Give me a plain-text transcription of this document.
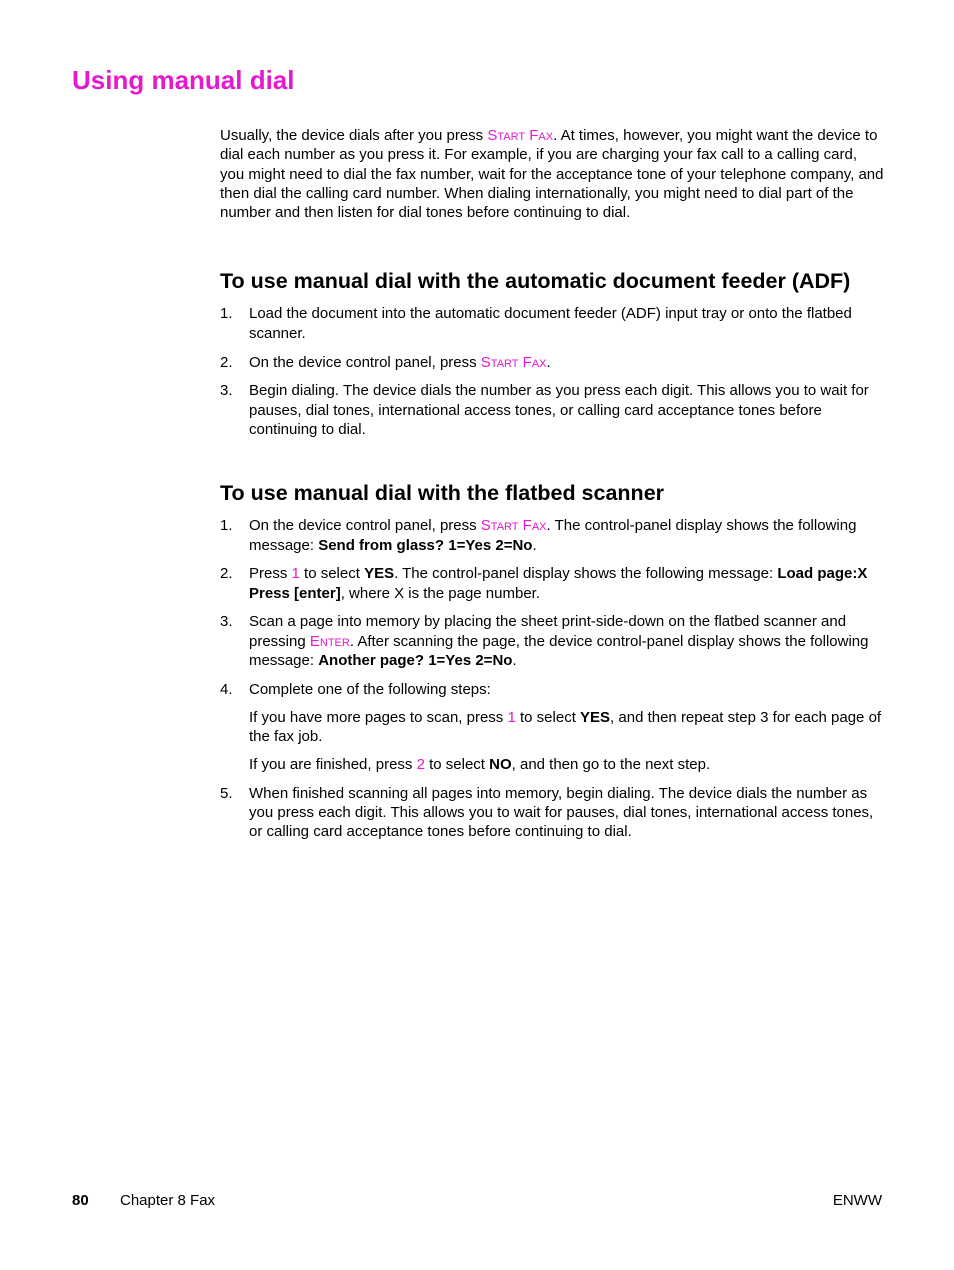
Using manual dial

Usually, the device dials after you press Start Fax. At times, however, you might want the device to dial each number as you press it. For example, if you are charging your fax call to a calling card, you might need to dial the fax number, wait for the acceptance tone of your telephone company, and then dial the calling card number. When dialing internationally, you might need to dial part of the number and then listen for dial tones before continuing to dial.

To use manual dial with the automatic document feeder (ADF)
1. Load the document into the automatic document feeder (ADF) input tray or onto the flatbed scanner.
2. On the device control panel, press Start Fax.
3. Begin dialing. The device dials the number as you press each digit. This allows you to wait for pauses, dial tones, international access tones, or calling card acceptance tones before continuing to dial.
To use manual dial with the flatbed scanner
1. On the device control panel, press Start Fax. The control-panel display shows the following message: Send from glass? 1=Yes 2=No.
2. Press 1 to select YES. The control-panel display shows the following message: Load page:X Press [enter], where X is the page number.
3. Scan a page into memory by placing the sheet print-side-down on the flatbed scanner and pressing Enter. After scanning the page, the device control-panel display shows the following message: Another page? 1=Yes 2=No.
4. Complete one of the following steps:

If you have more pages to scan, press 1 to select YES, and then repeat step 3 for each page of the fax job.

If you are finished, press 2 to select NO, and then go to the next step.

5. When finished scanning all pages into memory, begin dialing. The device dials the number as you press each digit. This allows you to wait for pauses, dial tones, international access tones, or calling card acceptance tones before continuing to dial.
80 Chapter 8 Fax	ENWW
